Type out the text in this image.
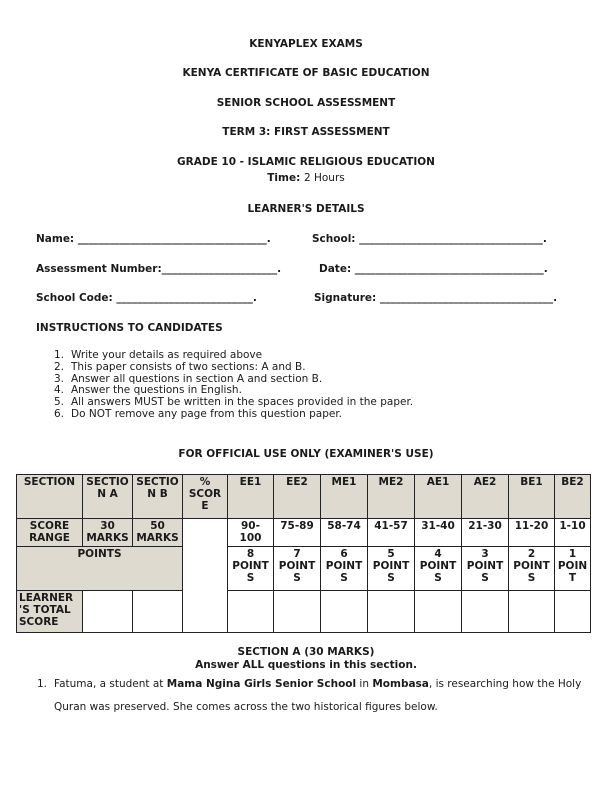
KENYAPLEX EXAMS
KENYA CERTIFICATE OF BASIC EDUCATION
SENIOR SCHOOL ASSESSMENT
TERM 3: FIRST ASSESSMENT
GRADE 10 - ISLAMIC RELIGIOUS EDUCATION
Time: 2 Hours
LEARNER'S DETAILS
Name: ____________________________________.	School: ___________________________________.
Assessment Number:______________________.	Date: ____________________________________.
School Code: __________________________.	Signature: _________________________________.
INSTRUCTIONS TO CANDIDATES
1. Write your details as required above
2. This paper consists of two sections: A and B.
3. Answer all questions in section A and section B.
4. Answer the questions in English.
5. All answers MUST be written in the spaces provided in the paper.
6. Do NOT remove any page from this question paper.
FOR OFFICIAL USE ONLY (EXAMINER'S USE)
SECTION	SECTIO N A	SECTIO N B	% SCOR E	EE1	EE2	ME1	ME2	AE1	AE2	BE1	BE2
SCORE RANGE	30 MARKS	50 MARKS		90- 100	75-89	58-74	41-57	31-40	21-30	11-20	1-10
POINTS				8 POINT S	7 POINT S	6 POINT S	5 POINT S	4 POINT S	3 POINT S	2 POINT S	1 POIN T
LEARNER 'S TOTAL SCORE											
SECTION A (30 MARKS)
Answer ALL questions in this section.
1. Fatuma, a student at Mama Ngina Girls Senior School in Mombasa, is researching how the Holy Quran was preserved. She comes across the two historical figures below.
